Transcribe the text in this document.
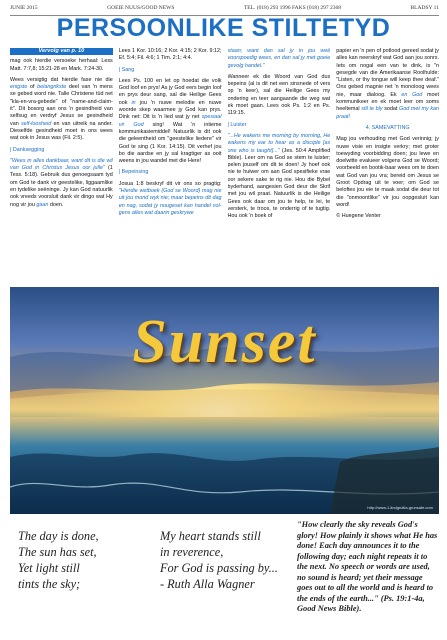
JUNIE 2015	GOEIE NUUS/GOOD NEWS	TEL. (018) 293 1996 FAKS (018) 297 2368	BLADSY 11
PERSOONLIKE STILTETYD
Vervolg van p. 10

mag ook hierdie versoeke herhaal: Less Matt. 7:7,8; 15:21-28 en Mark. 7:24-30.

Wees versigtig dat hierdie fase nie die enigste of belangrikste deel van 'n mens se gebed word nie. Talle Christene tūd net "kla-en-vra-gebede" of "name-and-claim-it". Dit bosorg aan ons 'n gesindheid van selfsug en verdryf Jesus se gesindheid van self-loosheid en van uitreik na ander. Dieselfde gesindheid moet in ons wees wat ook in Jesus was (Fil. 2:5).

| Danksegging

"Wees in alles dankbaar, want dit is die wil van God in Christus Jesus oor julle" (1 Tess. 5:18). Gebruik dus genoegsaam tyd om God te dank vir geestelike, liggaamlike en tydelike seëninge. Jy kan God natuurlik ook vreeds voorsluit dank vir dingo wat Hy nog vir jou gaan doen.

Lees 1 Kor. 10:16; 2 Kor. 4:15; 2 Kor. 9:12; Ef. 5:4; Fil. 4:6; 1 Tim. 2:1; 4:4.

| Sang

Lees Ps. 100 en let op hoedat die volk God loof en prys! As jy God eers begin loof en prys deur sang, sal die Heilige Gees ook in jou 'n nuwe melodie en nuwe woorde skep waarmee jy God kan prys. Dink net: Dit is 'n lied wat jy net spesiaal vir God sing! Wat 'n intieme kommunikasiemiddel! Natuurlik is dit ook die geleentheid om "geestelike liedere" vir God te sing (1 Kor. 14:15). Dit verhef jou bo die aardse en jy sal kragtiger as ooit weens in jou wandel met die Here!

| Bepeinsing

Josua 1:8 beskryf dit vir ons so pragtig: "Hierdie wetboek (God se Woord) mag nie uit jou mond wyk nie; maar bepeins dit dag en nag, sodat jy nougeset kan handel vol-gens alles wat daarin geskrywe

staan; want dan sal jy in jou weë voorspoedig wees, en dan sal jy met goeie gevolg handel."

Wanneer ek die Woord van God dus bepeins (al is dit net een sinsnede of vers op 'n keer), sal die Heilige Gees my ondering en teer aangaande die weg wat ek moet gaan. Lees ook Ps. 1:2 en Ps. 119:15.

| Luister

"...He wakens me morning by morning, He wakens my ear to hear as a disciple [as one who is taught]..." (Jes. 50:4 Amplified Bible). Leer om na God se stem te luister; pelen jouself om dit te doen! Jy hoef ook nie te huiwer om aan God spesifieke vrae oor sekere sake te rig nie. Hou die Bybel byderhand, aangesien God deur die Skrif met jou wil praat. Natuurlik is die Heilige Gees ook daar om jou te help, te lei, te versterk, te troos, te onderrig of te tugtig. Hou ook 'n boek of

papier en 'n pen of potlood gereed sodat jy alles kan neerskryf wat God aan jou sonrs. Iets om nogal een van te dink, is "n gesegde van die Amerikaanse Roolhulde: "Listen, or thy tongue will keep thee deaf." Ons gebed magnie net 'n monoloog wees nie, maar dialoog. Ek en God moet kommunikeer en ek moet leer om soms heeltemal stil te bly sodat God met my kan praat!

4. SAMEVATTING

Mag jou verhouding met God verinnig; jy nuwe visie en insigte verkry; met groter toewyding voorbidding doen; jou lewe en doelwitte evalueer volgens God se Woord; voorbeeld en bootik-baar wees om te doen wat God van jou vra; bereid om Jesus se Groot Opdrag uit te voer; om God se beloftes jou eie te maak sodat die deur tot die "onmoontlike" vir jou oopgesluit kan word!

© Huegene Venter

Sunset
http://www.1-lindgruilla-grunsafe.com
The day is done,
The sun has set,
Yet light still
tints the sky;
My heart stands still
in reverence,
For God is passing by...
- Ruth Alla Wagner
"How clearly the sky reveals God's glory! How plainly it shows what He has done! Each day announces it to the following day; each night repeats it to the next. No speech or words are used, no sound is heard; yet their message goes out to all the world and is heard to the ends of the earth..." (Ps. 19:1-4a, Good News Bible).
